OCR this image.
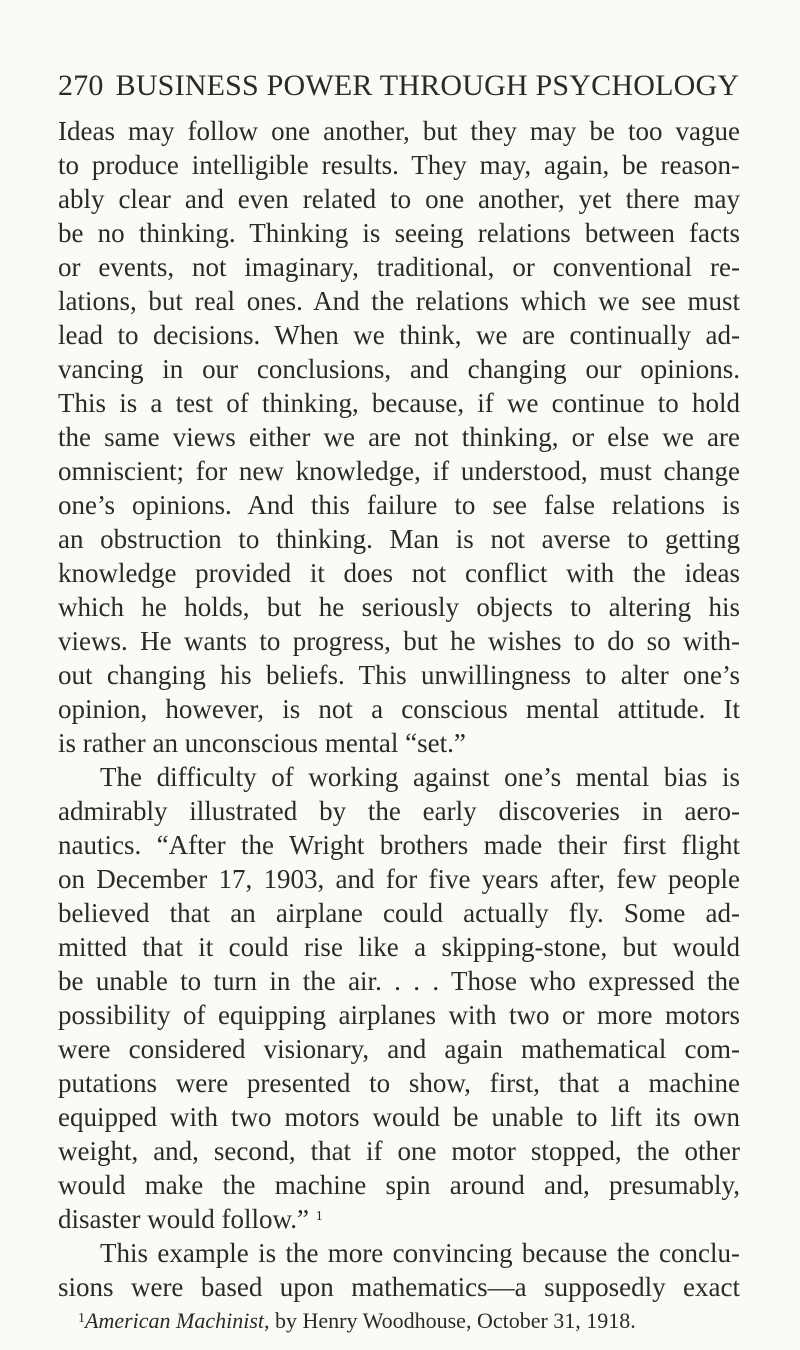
270 BUSINESS POWER THROUGH PSYCHOLOGY
Ideas may follow one another, but they may be too vague
to produce intelligible results. They may, again, be reason-
ably clear and even related to one another, yet there may
be no thinking. Thinking is seeing relations between facts
or events, not imaginary, traditional, or conventional re-
lations, but real ones. And the relations which we see must
lead to decisions. When we think, we are continually ad-
vancing in our conclusions, and changing our opinions.
This is a test of thinking, because, if we continue to hold
the same views either we are not thinking, or else we are
omniscient; for new knowledge, if understood, must change
one’s opinions. And this failure to see false relations is
an obstruction to thinking. Man is not averse to getting
knowledge provided it does not conflict with the ideas
which he holds, but he seriously objects to altering his
views. He wants to progress, but he wishes to do so with-
out changing his beliefs. This unwillingness to alter one’s
opinion, however, is not a conscious mental attitude. It
is rather an unconscious mental “set.”
The difficulty of working against one’s mental bias is
admirably illustrated by the early discoveries in aero-
nautics. “After the Wright brothers made their first flight
on December 17, 1903, and for five years after, few people
believed that an airplane could actually fly. Some ad-
mitted that it could rise like a skipping-stone, but would
be unable to turn in the air. . . . Those who expressed the
possibility of equipping airplanes with two or more motors
were considered visionary, and again mathematical com-
putations were presented to show, first, that a machine
equipped with two motors would be unable to lift its own
weight, and, second, that if one motor stopped, the other
would make the machine spin around and, presumably,
disaster would follow.” $^1$
This example is the more convincing because the conclu-
sions were based upon mathematics—a supposedly exact
$^1$American Machinist, by Henry Woodhouse, October 31, 1918.
